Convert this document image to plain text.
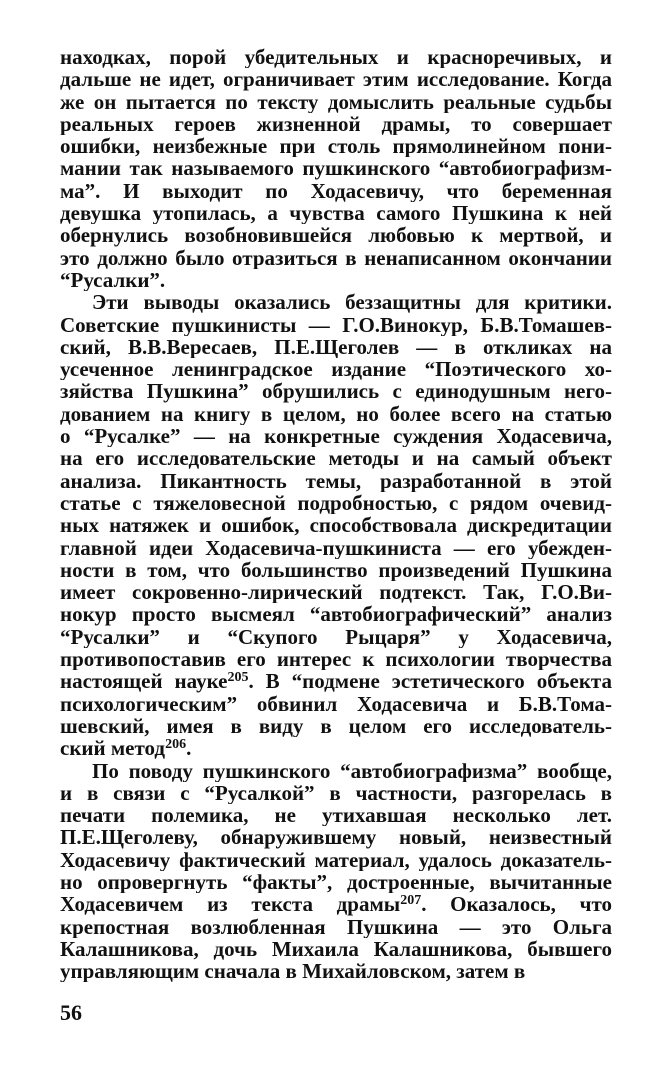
находках, порой убедительных и красноречивых, и
дальше не идет, ограничивает этим исследование. Когда
же он пытается по тексту домыслить реальные судьбы
реальных героев жизненной драмы, то совершает
ошибки, неизбежные при столь прямолинейном пони-
мании так называемого пушкинского “автобиографизм-
ма”. И выходит по Ходасевичу, что беременная
девушка утопилась, а чувства самого Пушкина к ней
обернулись возобновившейся любовью к мертвой, и
это должно было отразиться в ненаписанном окончании
“Русалки”.
Эти выводы оказались беззащитны для критики.
Советские пушкинисты — Г.О.Винокур, Б.В.Томашев-
ский, В.В.Вересаев, П.Е.Щеголев — в откликах на
усеченное ленинградское издание “Поэтического хо-
зяйства Пушкина” обрушились с единодушным него-
дованием на книгу в целом, но более всего на статью
о “Русалке” — на конкретные суждения Ходасевича,
на его исследовательские методы и на самый объект
анализа. Пикантность темы, разработанной в этой
статье с тяжеловесной подробностью, с рядом очевид-
ных натяжек и ошибок, способствовала дискредитации
главной идеи Ходасевича-пушкиниста — его убежден-
ности в том, что большинство произведений Пушкина
имеет сокровенно-лирический подтекст. Так, Г.О.Ви-
нокур просто высмеял “автобиографический” анализ
“Русалки” и “Скупого Рыцаря” у Ходасевича,
противопоставив его интерес к психологии творчества
настоящей науке$^{205}$. В “подмене эстетического объекта
психологическим” обвинил Ходасевича и Б.В.Тома-
шевский, имея в виду в целом его исследователь-
ский метод$^{206}$.
По поводу пушкинского “автобиографизма” вообще,
и в связи с “Русалкой” в частности, разгорелась в
печати полемика, не утихавшая несколько лет.
П.Е.Щеголеву, обнаружившему новый, неизвестный
Ходасевичу фактический материал, удалось доказатель-
но опровергнуть “факты”, достроенные, вычитанные
Ходасевичем из текста драмы$^{207}$. Оказалось, что
крепостная возлюбленная Пушкина — это Ольга
Калашникова, дочь Михаила Калашникова, бывшего
управляющим сначала в Михайловском, затем в
56
